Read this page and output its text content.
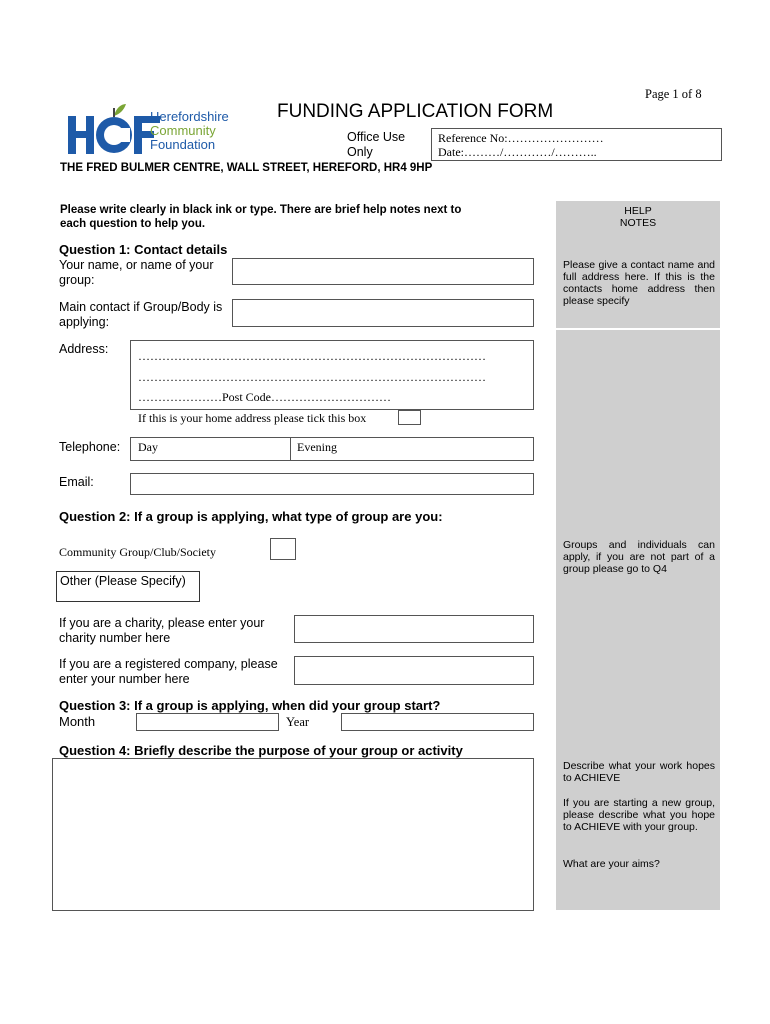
Page 1 of 8
Herefordshire
Community
Foundation
FUNDING APPLICATION FORM
Office Use
Only
Reference No:……………………
Date:………/…………/………..
THE FRED BULMER CENTRE, WALL STREET, HEREFORD, HR4 9HP
HELP
NOTES
Please write clearly in black ink or type. There are brief help notes next to
each question to help you.
Question 1: Contact details
Your name, or name of your
group:
Main contact if Group/Body is
applying:
Please give a contact name and full address here. If this is the contacts home address then please specify
Address: ……………………………………………………………………………
……………………………………………………………………………
…………………Post Code…………………………
If this is your home address please tick this box
Telephone: Day	Evening
Email:
Question 2: If a group is applying, what type of group are you:
Community Group/Club/Society	Groups and individuals can apply, if you are not part of a group please go to Q4
Other (Please Specify)
If you are a charity, please enter your
charity number here
If you are a registered company, please
enter your number here
Question 3: If a group is applying, when did your group start?
Month	Year
Question 4: Briefly describe the purpose of your group or activity
Describe what your work hopes to ACHIEVE
If you are starting a new group, please describe what you hope to ACHIEVE with your group.
What are your aims?
